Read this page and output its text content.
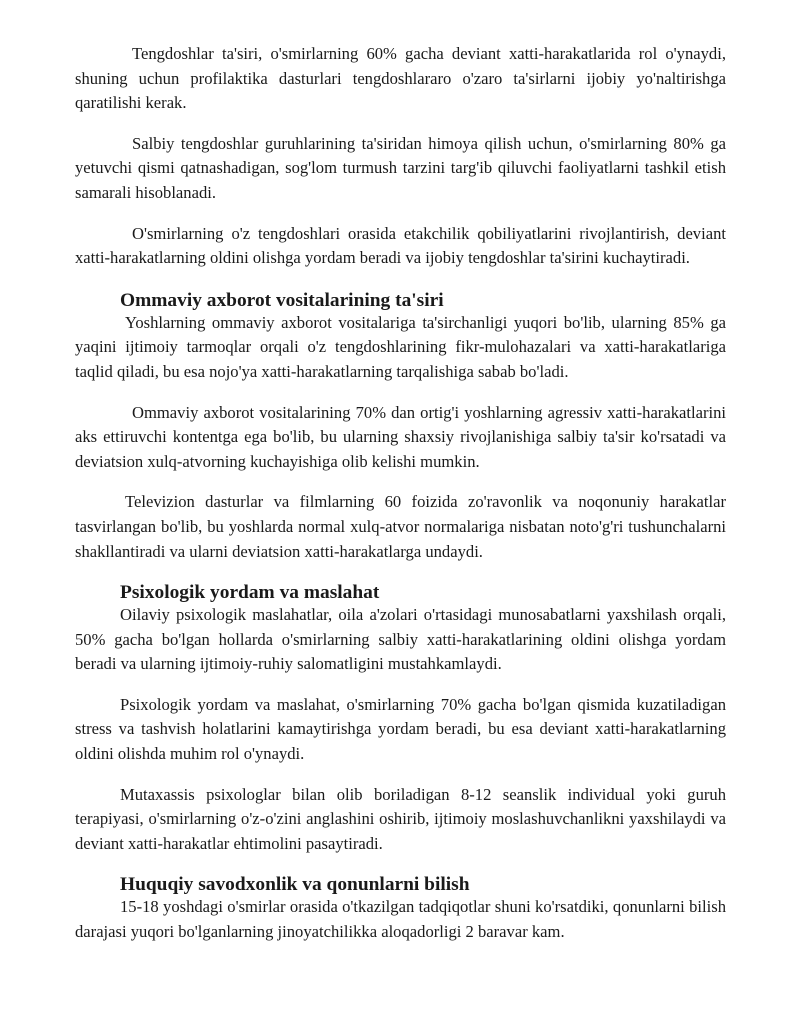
Tengdoshlar ta'siri, o'smirlarning 60% gacha deviant xatti-harakatlarida rol o'ynaydi, shuning uchun profilaktika dasturlari tengdoshlararo o'zaro ta'sirlarni ijobiy yo'naltirishga qaratilishi kerak.

Salbiy tengdoshlar guruhlarining ta'siridan himoya qilish uchun, o'smirlarning 80% ga yetuvchi qismi qatnashadigan, sog'lom turmush tarzini targ'ib qiluvchi faoliyatlarni tashkil etish samarali hisoblanadi.

O'smirlarning o'z tengdoshlari orasida etakchilik qobiliyatlarini rivojlantirish, deviant xatti-harakatlarning oldini olishga yordam beradi va ijobiy tengdoshlar ta'sirini kuchaytiradi.

Ommaviy axborot vositalarining ta'siri

Yoshlarning ommaviy axborot vositalariga ta'sirchanligi yuqori bo'lib, ularning 85% ga yaqini ijtimoiy tarmoqlar orqali o'z tengdoshlarining fikr-mulohazalari va xatti-harakatlariga taqlid qiladi, bu esa nojo'ya xatti-harakatlarning tarqalishiga sabab bo'ladi.

Ommaviy axborot vositalarining 70% dan ortig'i yoshlarning agressiv xatti-harakatlarini aks ettiruvchi kontentga ega bo'lib, bu ularning shaxsiy rivojlanishiga salbiy ta'sir ko'rsatadi va deviatsion xulq-atvorning kuchayishiga olib kelishi mumkin.

Televizion dasturlar va filmlarning 60 foizida zo'ravonlik va noqonuniy harakatlar tasvirlangan bo'lib, bu yoshlarda normal xulq-atvor normalariga nisbatan noto'g'ri tushunchalarni shakllantiradi va ularni deviatsion xatti-harakatlarga undaydi.

Psixologik yordam va maslahat

Oilaviy psixologik maslahatlar, oila a'zolari o'rtasidagi munosabatlarni yaxshilash orqali, 50% gacha bo'lgan hollarda o'smirlarning salbiy xatti-harakatlarining oldini olishga yordam beradi va ularning ijtimoiy-ruhiy salomatligini mustahkamlaydi.

Psixologik yordam va maslahat, o'smirlarning 70% gacha bo'lgan qismida kuzatiladigan stress va tashvish holatlarini kamaytirishga yordam beradi, bu esa deviant xatti-harakatlarning oldini olishda muhim rol o'ynaydi.

Mutaxassis psixologlar bilan olib boriladigan 8-12 seanslik individual yoki guruh terapiyasi, o'smirlarning o'z-o'zini anglashini oshirib, ijtimoiy moslashuvchanlikni yaxshilaydi va deviant xatti-harakatlar ehtimolini pasaytiradi.

Huquqiy savodxonlik va qonunlarni bilish

15-18 yoshdagi o'smirlar orasida o'tkazilgan tadqiqotlar shuni ko'rsatdiki, qonunlarni bilish darajasi yuqori bo'lganlarning jinoyatchilikka aloqadorligi 2 baravar kam.
